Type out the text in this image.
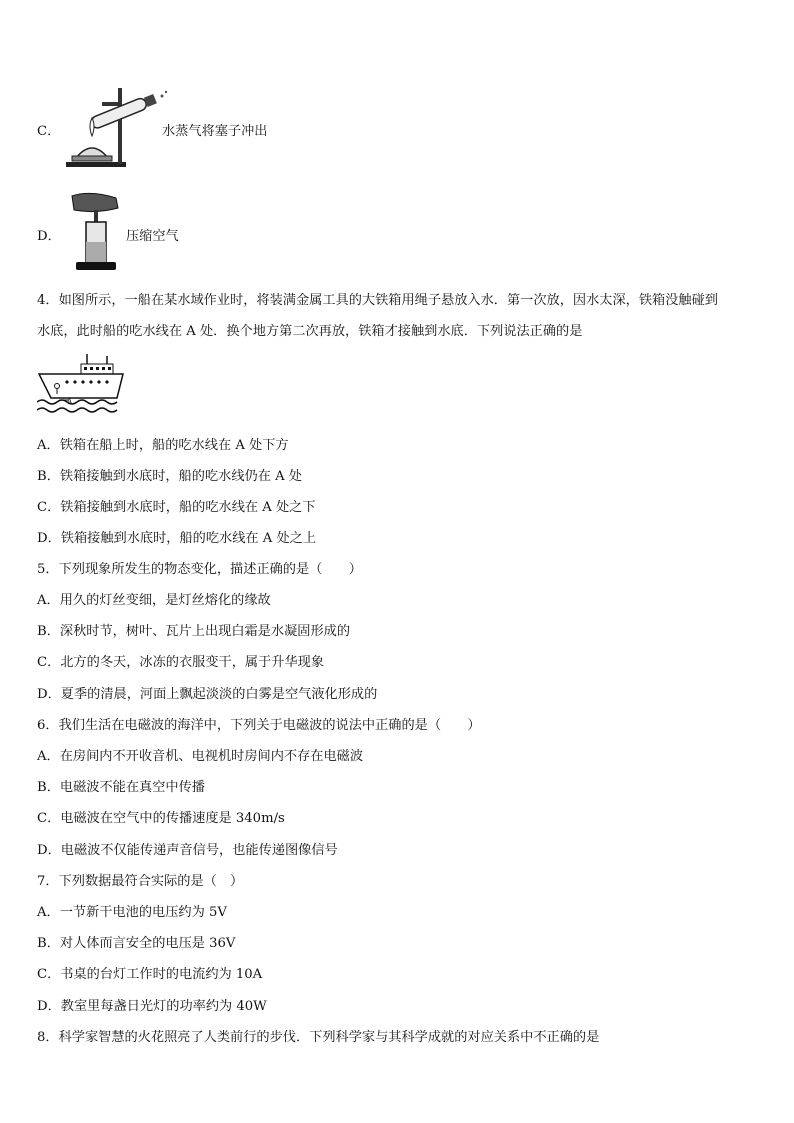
C．	水蒸气将塞子冲出
D．	压缩空气
4．如图所示，一船在某水域作业时，将装满金属工具的大铁箱用绳子悬放入水．第一次放，因水太深，铁箱没触碰到
水底，此时船的吃水线在 A 处．换个地方第二次再放，铁箱才接触到水底．下列说法正确的是
A
A．铁箱在船上时，船的吃水线在 A 处下方
B．铁箱接触到水底时，船的吃水线仍在 A 处
C．铁箱接触到水底时，船的吃水线在 A 处之下
D．铁箱接触到水底时，船的吃水线在 A 处之上
5．下列现象所发生的物态变化，描述正确的是（　　）
A．用久的灯丝变细，是灯丝熔化的缘故
B．深秋时节，树叶、瓦片上出现白霜是水凝固形成的
C．北方的冬天，冰冻的衣服变干，属于升华现象
D．夏季的清晨，河面上飘起淡淡的白雾是空气液化形成的
6．我们生活在电磁波的海洋中，下列关于电磁波的说法中正确的是（　　）
A．在房间内不开收音机、电视机时房间内不存在电磁波
B．电磁波不能在真空中传播
C．电磁波在空气中的传播速度是 340m/s
D．电磁波不仅能传递声音信号，也能传递图像信号
7．下列数据最符合实际的是（　）
A．一节新干电池的电压约为 5V
B．对人体而言安全的电压是 36V
C．书桌的台灯工作时的电流约为 10A
D．教室里每盏日光灯的功率约为 40W
8．科学家智慧的火花照亮了人类前行的步伐．下列科学家与其科学成就的对应关系中不正确的是
